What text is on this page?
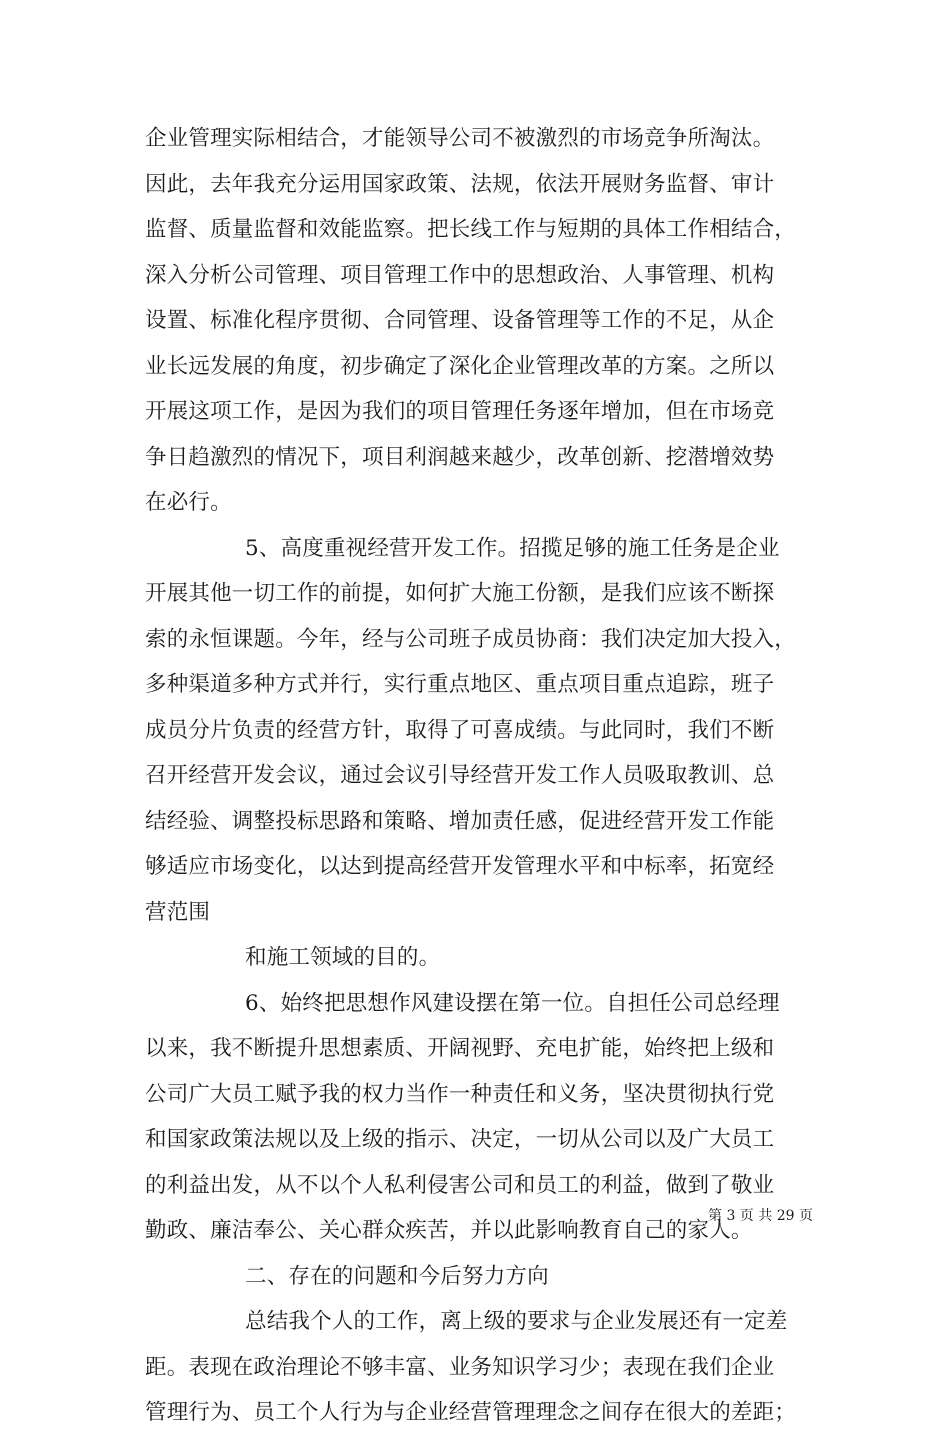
企业管理实际相结合，才能领导公司不被激烈的市场竞争所淘汰。
因此，去年我充分运用国家政策、法规，依法开展财务监督、审计
监督、质量监督和效能监察。把长线工作与短期的具体工作相结合，
深入分析公司管理、项目管理工作中的思想政治、人事管理、机构
设置、标准化程序贯彻、合同管理、设备管理等工作的不足，从企
业长远发展的角度，初步确定了深化企业管理改革的方案。之所以
开展这项工作，是因为我们的项目管理任务逐年增加，但在市场竞
争日趋激烈的情况下，项目利润越来越少，改革创新、挖潜增效势
在必行。
5、高度重视经营开发工作。招揽足够的施工任务是企业
开展其他一切工作的前提，如何扩大施工份额，是我们应该不断探
索的永恒课题。今年，经与公司班子成员协商：我们决定加大投入，
多种渠道多种方式并行，实行重点地区、重点项目重点追踪，班子
成员分片负责的经营方针，取得了可喜成绩。与此同时，我们不断
召开经营开发会议，通过会议引导经营开发工作人员吸取教训、总
结经验、调整投标思路和策略、增加责任感，促进经营开发工作能
够适应市场变化，以达到提高经营开发管理水平和中标率，拓宽经
营范围
和施工领域的目的。
6、始终把思想作风建设摆在第一位。自担任公司总经理
以来，我不断提升思想素质、开阔视野、充电扩能，始终把上级和
公司广大员工赋予我的权力当作一种责任和义务，坚决贯彻执行党
和国家政策法规以及上级的指示、决定，一切从公司以及广大员工
的利益出发，从不以个人私利侵害公司和员工的利益，做到了敬业
勤政、廉洁奉公、关心群众疾苦，并以此影响教育自己的家人。
二、存在的问题和今后努力方向
总结我个人的工作，离上级的要求与企业发展还有一定差
距。表现在政治理论不够丰富、业务知识学习少；表现在我们企业
管理行为、员工个人行为与企业经营管理理念之间存在很大的差距；
第 3 页 共 29 页
